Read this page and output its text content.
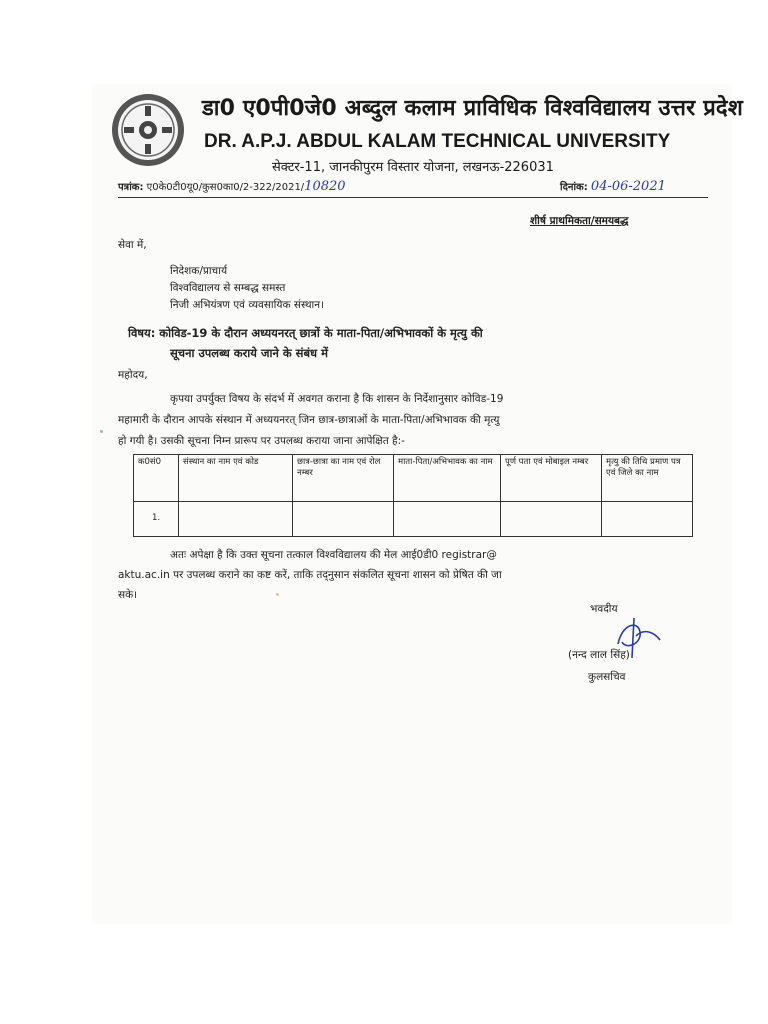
डा0 ए0पी0जे0 अब्दुल कलाम प्राविधिक विश्वविद्यालय उत्तर प्रदेश
DR. A.P.J. ABDUL KALAM TECHNICAL UNIVERSITY
सेक्टर-11, जानकीपुरम विस्तार योजना, लखनऊ-226031
पत्रांक: ए0के0टी0यू0/कुस0का0/2-322/2021/10820	दिनांक: 04-06-2021
शीर्ष प्राथमिकता/समयबद्ध
सेवा में,
निदेशक/प्राचार्य
विश्वविद्यालय से सम्बद्ध समस्त
निजी अभियंत्रण एवं व्यवसायिक संस्थान।
विषय: कोविड-19 के दौरान अध्ययनरत् छात्रों के माता-पिता/अभिभावकों के मृत्यु की
सूचना उपलब्ध कराये जाने के संबंध में
महोदय,
कृपया उपर्युक्त विषय के संदर्भ में अवगत कराना है कि शासन के निर्देशानुसार कोविड-19
महामारी के दौरान आपके संस्थान में अध्ययनरत् जिन छात्र-छात्राओं के माता-पिता/अभिभावक की मृत्यु
हो गयी है। उसकी सूचना निम्न प्रारूप पर उपलब्ध कराया जाना आपेक्षित है:-
क0सं0	संस्थान का नाम एवं कोड	छात्र-छात्रा का नाम एवं रोल नम्बर	माता-पिता/अभिभावक का नाम	पूर्ण पता एवं मोबाइल नम्बर	मृत्यु की तिथि प्रमाण पत्र एवं जिले का नाम
1.					
अतः अपेक्षा है कि उक्त सूचना तत्काल विश्वविद्यालय की मेल आई0डी0 registrar@
aktu.ac.in पर उपलब्ध कराने का कष्ट करें, ताकि तद्नुसान संकलित सूचना शासन को प्रेषित की जा
सके।
भवदीय
(नन्द लाल सिंह)
कुलसचिव
